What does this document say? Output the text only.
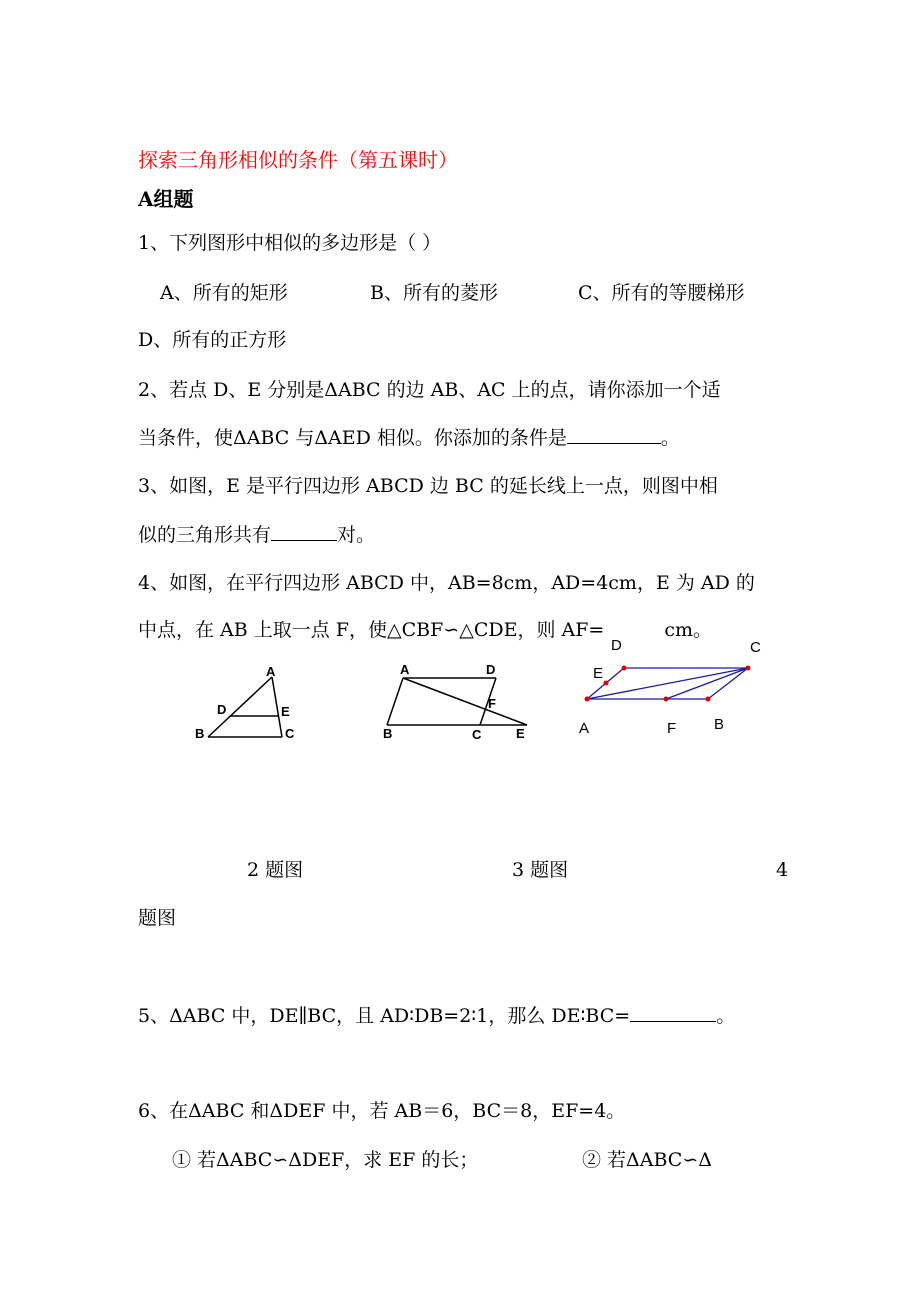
探索三角形相似的条件（第五课时）
A组题
1、下列图形中相似的多边形是（ ）
A、所有的矩形	B、所有的菱形	C、所有的等腰梯形
D、所有的正方形
2、若点 D、E 分别是ΔABC 的边 AB、AC 上的点，请你添加一个适
当条件，使ΔABC 与ΔAED 相似。你添加的条件是	。
3、如图，E 是平行四边形 ABCD 边 BC 的延长线上一点，则图中相
似的三角形共有	对。
4、如图，在平行四边形 ABCD 中，AB=8cm，AD=4cm，E 为 AD 的
中点，在 AB 上取一点 F，使△CBF∽△CDE，则 AF=	cm。
A
D	E
B	C
A	D
F
B	C	E
D	C
E
A	F	B
2 题图	3 题图	4
题图
5、ΔABC 中，DE∥BC，且 AD∶DB=2∶1，那么 DE∶BC=	。
6、在ΔABC 和ΔDEF 中，若 AB＝6，BC＝8，EF=4。
① 若ΔABC∽ΔDEF，求 EF 的长；	② 若ΔABC∽Δ
